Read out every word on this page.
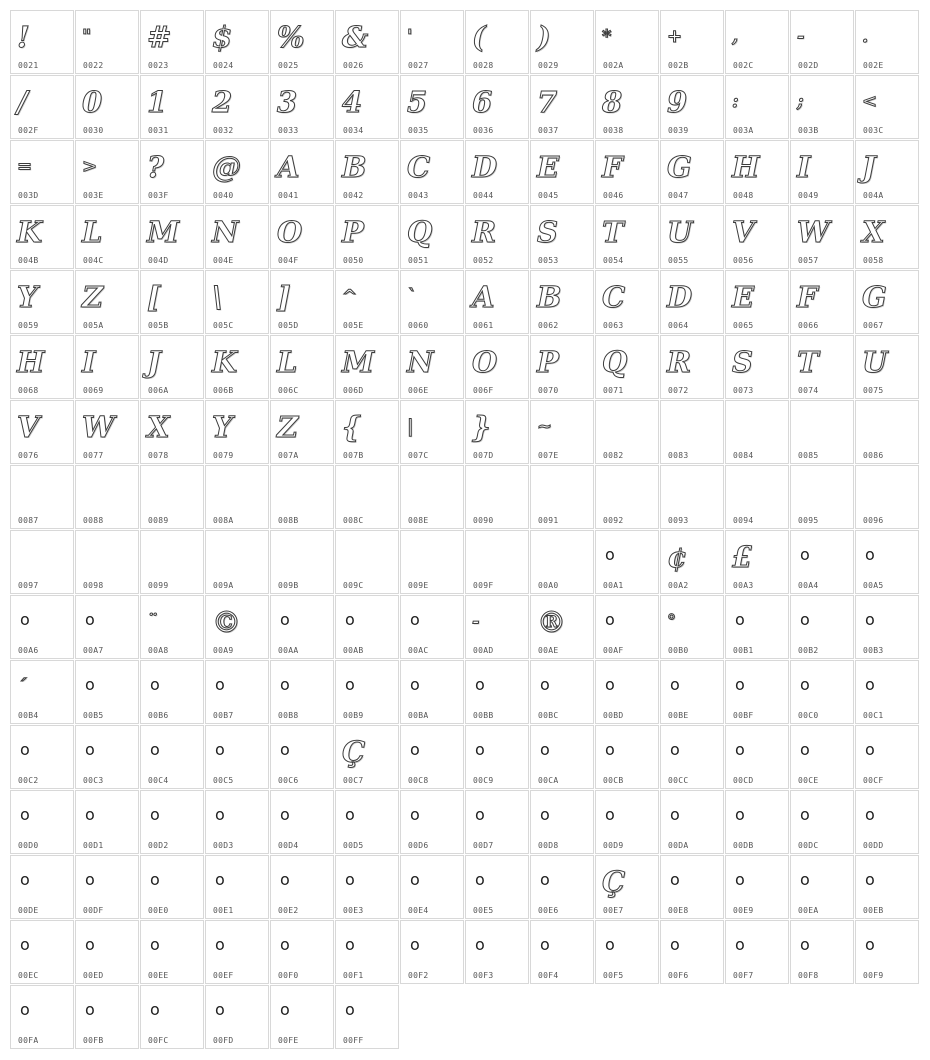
!
0021
"
0022
#
0023
$
0024
%
0025
&
0026
'
0027
(
0028
)
0029
*
002A
+
002B
,
002C
-
002D
.
002E
/
002F
0
0030
1
0031
2
0032
3
0033
4
0034
5
0035
6
0036
7
0037
8
0038
9
0039
:
003A
;
003B
<
003C
=
003D
>
003E
?
003F
@
0040
A
0041
B
0042
C
0043
D
0044
E
0045
F
0046
G
0047
H
0048
I
0049
J
004A
K
004B
L
004C
M
004D
N
004E
O
004F
P
0050
Q
0051
R
0052
S
0053
T
0054
U
0055
V
0056
W
0057
X
0058
Y
0059
Z
005A
[
005B
\
005C
]
005D
^
005E
`
0060
A
0061
B
0062
C
0063
D
0064
E
0065
F
0066
G
0067
H
0068
I
0069
J
006A
K
006B
L
006C
M
006D
N
006E
O
006F
P
0070
Q
0071
R
0072
S
0073
T
0074
U
0075
V
0076
W
0077
X
0078
Y
0079
Z
007A
{
007B
|
007C
}
007D
~
007E	0082	0083	0084	0085	0086
0087	0088	0089	008A	008B	008C	008E	0090	0091	0092	0093	0094	0095	0096
0097	0098	0099	009A	009B	009C	009E	009F	00A0
o
00A1
¢
00A2
£
00A3
o
00A4
o
00A5
o
00A6
o
00A7
¨
00A8
©
00A9
o
00AA
o
00AB
o
00AC
-
00AD
®
00AE
o
00AF
°
00B0
o
00B1
o
00B2
o
00B3
´
00B4
o
00B5
o
00B6
o
00B7
o
00B8
o
00B9
o
00BA
o
00BB
o
00BC
o
00BD
o
00BE
o
00BF
o
00C0
o
00C1
o
00C2
o
00C3
o
00C4
o
00C5
o
00C6
Ç
00C7
o
00C8
o
00C9
o
00CA
o
00CB
o
00CC
o
00CD
o
00CE
o
00CF
o
00D0
o
00D1
o
00D2
o
00D3
o
00D4
o
00D5
o
00D6
o
00D7
o
00D8
o
00D9
o
00DA
o
00DB
o
00DC
o
00DD
o
00DE
o
00DF
o
00E0
o
00E1
o
00E2
o
00E3
o
00E4
o
00E5
o
00E6
Ç
00E7
o
00E8
o
00E9
o
00EA
o
00EB
o
00EC
o
00ED
o
00EE
o
00EF
o
00F0
o
00F1
o
00F2
o
00F3
o
00F4
o
00F5
o
00F6
o
00F7
o
00F8
o
00F9
o
00FA
o
00FB
o
00FC
o
00FD
o
00FE
o
00FF
